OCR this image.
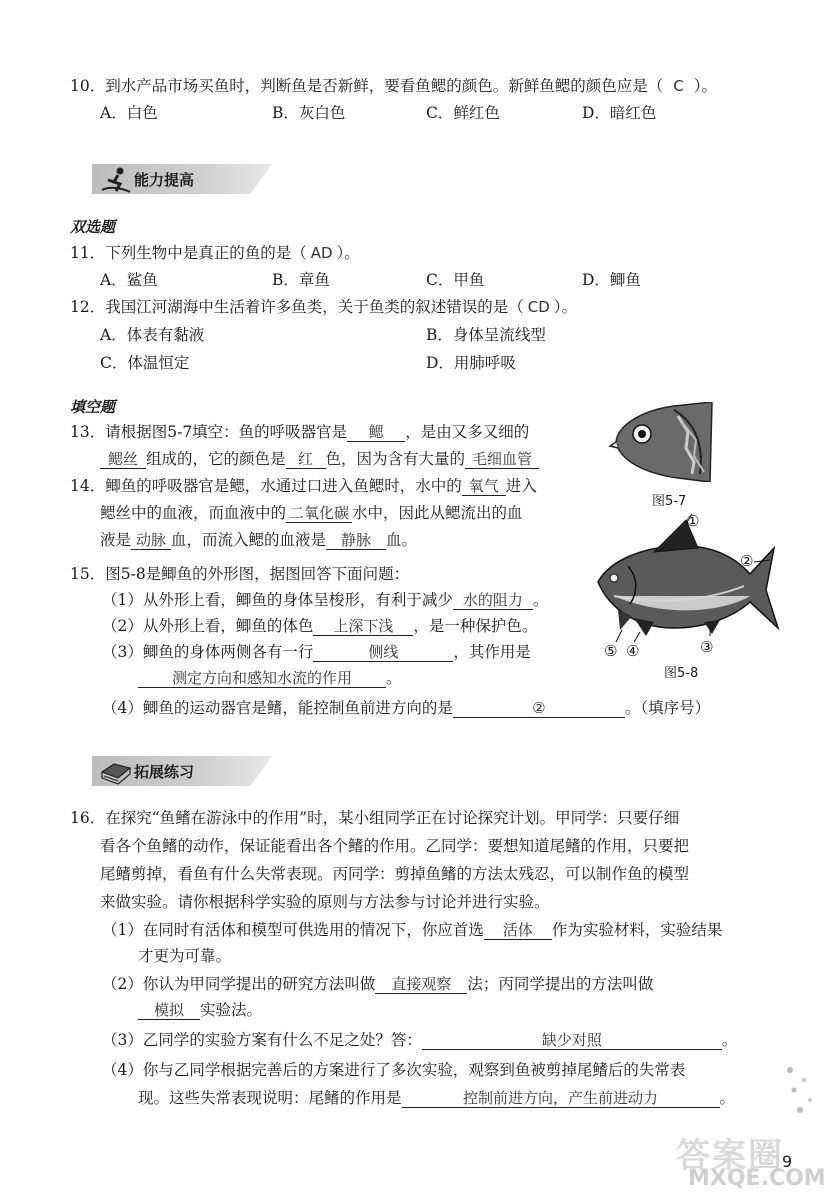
10．到水产品市场买鱼时，判断鱼是否新鲜，要看鱼鳃的颜色。新鲜鱼鳃的颜色应是（ C ）。
A．白色	B．灰白色	C．鲜红色	D．暗红色
能力提高
双选题
11．下列生物中是真正的鱼的是（ AD ）。
A．鲨鱼	B．章鱼	C．甲鱼	D．鲫鱼
12．我国江河湖海中生活着许多鱼类，关于鱼类的叙述错误的是（ CD ）。
A．体表有黏液	B．身体呈流线型
C．体温恒定	D．用肺呼吸
填空题
13．请根据图5-7填空：鱼的呼吸器官是 鳃 ，是由又多又细的
鳃丝 组成的，它的颜色是 红 色，因为含有大量的 毛细血管
14．鲫鱼的呼吸器官是鳃，水通过口进入鱼鳃时，水中的 氧气 进入
鳃丝中的血液，而血液中的 二氧化碳 水中，因此从鳃流出的血
液是 动脉 血，而流入鳃的血液是 静脉 血。
图5-7
15．图5-8是鲫鱼的外形图，据图回答下面问题：
（1）从外形上看，鲫鱼的身体呈梭形，有利于减少 水的阻力 。
（2）从外形上看，鲫鱼的体色 上深下浅 ，是一种保护色。
（3）鲫鱼的身体两侧各有一行	侧线	，其作用是
测定方向和感知水流的作用 。
（4）鲫鱼的运动器官是鳍，能控制鱼前进方向的是	②	。（填序号）
①
②
③
④
⑤
图5-8
拓展练习
16．在探究“鱼鳍在游泳中的作用”时，某小组同学正在讨论探究计划。甲同学：只要仔细
看各个鱼鳍的动作，保证能看出各个鳍的作用。乙同学：要想知道尾鳍的作用，只要把
尾鳍剪掉，看鱼有什么失常表现。丙同学：剪掉鱼鳍的方法太残忍，可以制作鱼的模型
来做实验。请你根据科学实验的原则与方法参与讨论并进行实验。
（1）在同时有活体和模型可供选用的情况下，你应首选 活体 作为实验材料，实验结果
才更为可靠。
（2）你认为甲同学提出的研究方法叫做 直接观察 法；丙同学提出的方法叫做
模拟 实验法。
（3）乙同学的实验方案有什么不足之处？答：	缺少对照	。
（4）你与乙同学根据完善后的方案进行了多次实验，观察到鱼被剪掉尾鳍后的失常表
现。这些失常表现说明：尾鳍的作用是	控制前进方向，产生前进动力	。
答案圈
MXQE.COM
9
